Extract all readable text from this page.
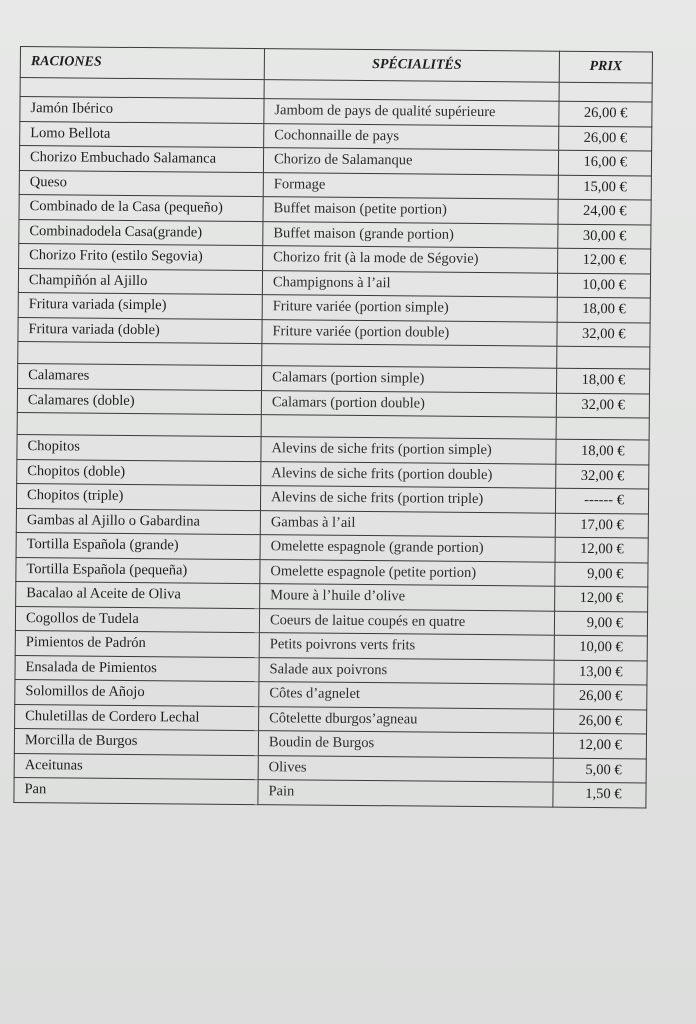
RACIONES	SPÉCIALITÉS	PRIX

Jamón Ibérico	Jambom de pays de qualité supérieure	26,00 €
Lomo Bellota	Cochonnaille de pays	26,00 €
Chorizo Embuchado Salamanca	Chorizo de Salamanque	16,00 €
Queso	Formage	15,00 €
Combinado de la Casa (pequeño)	Buffet maison (petite portion)	24,00 €
Combinadodela Casa(grande)	Buffet maison (grande portion)	30,00 €
Chorizo Frito (estilo Segovia)	Chorizo frit (à la mode de Ségovie)	12,00 €
Champiñón al Ajillo	Champignons à l’ail	10,00 €
Fritura variada (simple)	Friture variée (portion simple)	18,00 €
Fritura variada (doble)	Friture variée (portion double)	32,00 €

Calamares	Calamars (portion simple)	18,00 €
Calamares (doble)	Calamars (portion double)	32,00 €

Chopitos	Alevins de siche frits (portion simple)	18,00 €
Chopitos (doble)	Alevins de siche frits (portion double)	32,00 €
Chopitos (triple)	Alevins de siche frits (portion triple)	------ €
Gambas al Ajillo o Gabardina	Gambas à l’ail	17,00 €
Tortilla Española (grande)	Omelette espagnole (grande portion)	12,00 €
Tortilla Española (pequeña)	Omelette espagnole (petite portion)	9,00 €
Bacalao al Aceite de Oliva	Moure à l’huile d’olive	12,00 €
Cogollos de Tudela	Coeurs de laitue coupés en quatre	9,00 €
Pimientos de Padrón	Petits poivrons verts frits	10,00 €
Ensalada de Pimientos	Salade aux poivrons	13,00 €
Solomillos de Añojo	Côtes d’agnelet	26,00 €
Chuletillas de Cordero Lechal	Côtelette dburgos’agneau	26,00 €
Morcilla de Burgos	Boudin de Burgos	12,00 €
Aceitunas	Olives	5,00 €
Pan	Pain	1,50 €
